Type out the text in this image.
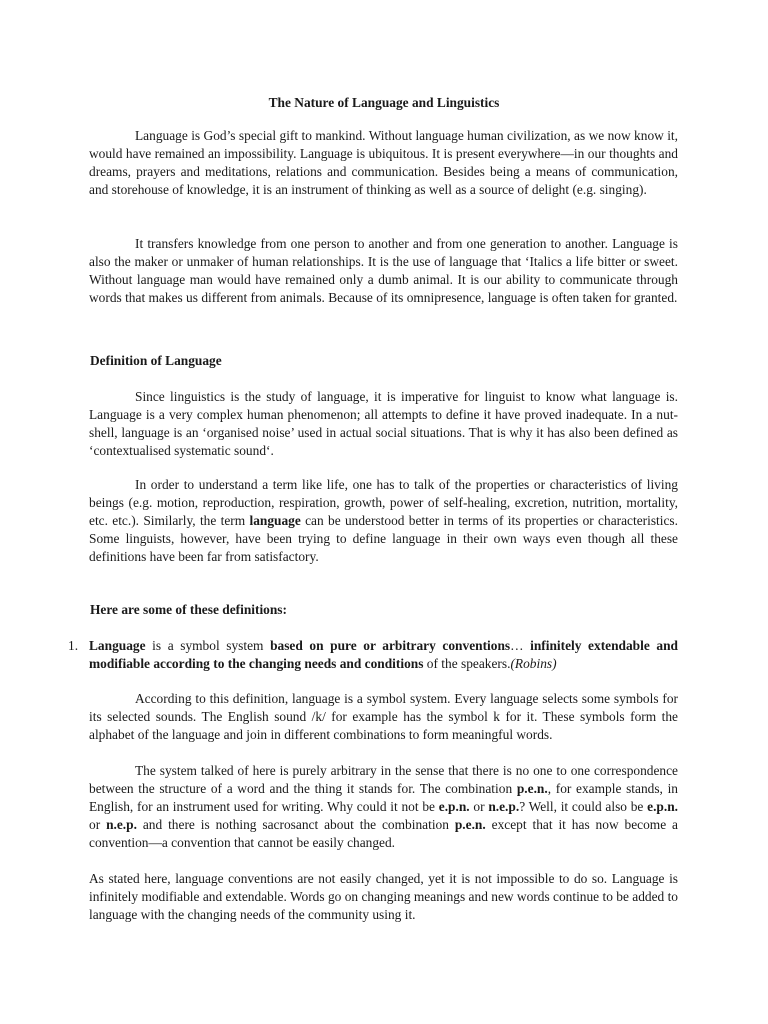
The Nature of Language and Linguistics
Language is God’s special gift to mankind. Without language human civilization, as we now know it, would have remained an impossibility. Language is ubiquitous. It is present everywhere—in our thoughts and dreams, prayers and meditations, relations and communication. Besides being a means of communication, and storehouse of knowledge, it is an instrument of thinking as well as a source of delight (e.g. singing).
It transfers knowledge from one person to another and from one generation to another. Language is also the maker or unmaker of human relationships. It is the use of language that ‘Italics a life bitter or sweet. Without language man would have remained only a dumb animal. It is our ability to communicate through words that makes us different from animals. Because of its omnipresence, language is often taken for granted.
Definition of Language
Since linguistics is the study of language, it is imperative for linguist to know what language is. Language is a very complex human phenomenon; all attempts to define it have proved inadequate. In a nut-shell, language is an ‘organised noise’ used in actual social situations. That is why it has also been defined as ‘contextualised systematic sound‘.
In order to understand a term like life, one has to talk of the properties or characteristics of living beings (e.g. motion, reproduction, respiration, growth, power of self-healing, excretion, nutrition, mortality, etc. etc.). Similarly, the term language can be understood better in terms of its properties or characteristics. Some linguists, however, have been trying to define language in their own ways even though all these definitions have been far from satisfactory.
Here are some of these definitions:
1. Language is a symbol system based on pure or arbitrary conventions… infinitely extendable and modifiable according to the changing needs and conditions of the speakers.(Robins)
According to this definition, language is a symbol system. Every language selects some symbols for its selected sounds. The English sound /k/ for example has the symbol k for it. These symbols form the alphabet of the language and join in different combinations to form meaningful words.
The system talked of here is purely arbitrary in the sense that there is no one to one correspondence between the structure of a word and the thing it stands for. The combination p.e.n., for example stands, in English, for an instrument used for writing. Why could it not be e.p.n. or n.e.p.? Well, it could also be e.p.n. or n.e.p. and there is nothing sacrosanct about the combination p.e.n. except that it has now become a convention—a convention that cannot be easily changed.
As stated here, language conventions are not easily changed, yet it is not impossible to do so. Language is infinitely modifiable and extendable. Words go on changing meanings and new words continue to be added to language with the changing needs of the community using it.
